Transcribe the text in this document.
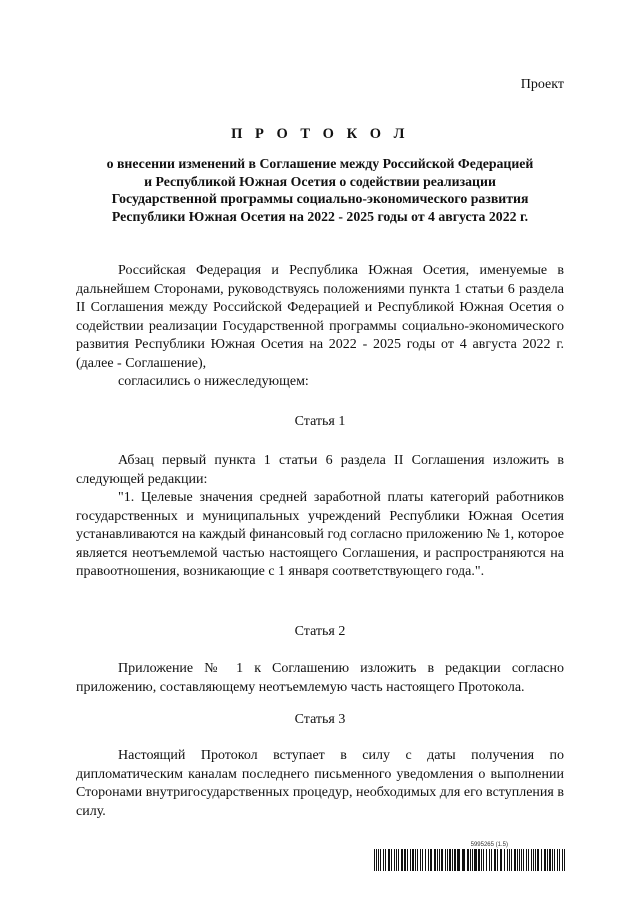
Проект
П Р О Т О К О Л
о внесении изменений в Соглашение между Российской Федерацией
и Республикой Южная Осетия о содействии реализации
Государственной программы социально-экономического развития
Республики Южная Осетия на 2022 - 2025 годы от 4 августа 2022 г.

Российская Федерация и Республика Южная Осетия, именуемые в дальнейшем Сторонами, руководствуясь положениями пункта 1 статьи 6 раздела II Соглашения между Российской Федерацией и Республикой Южная Осетия о содействии реализации Государственной программы социально-экономического развития Республики Южная Осетия на 2022 - 2025 годы от 4 августа 2022 г. (далее - Соглашение),

согласились о нижеследующем:

Статья 1

Абзац первый пункта 1 статьи 6 раздела II Соглашения изложить в следующей редакции:

"1. Целевые значения средней заработной платы категорий работников государственных и муниципальных учреждений Республики Южная Осетия устанавливаются на каждый финансовый год согласно приложению № 1, которое является неотъемлемой частью настоящего Соглашения, и распространяются на правоотношения, возникающие с 1 января соответствующего года.".

Статья 2

Приложение № 1 к Соглашению изложить в редакции согласно приложению, составляющему неотъемлемую часть настоящего Протокола.

Статья 3

Настоящий Протокол вступает в силу с даты получения по дипломатическим каналам последнего письменного уведомления о выполнении Сторонами внутригосударственных процедур, необходимых для его вступления в силу.

5995265 (1.5)
